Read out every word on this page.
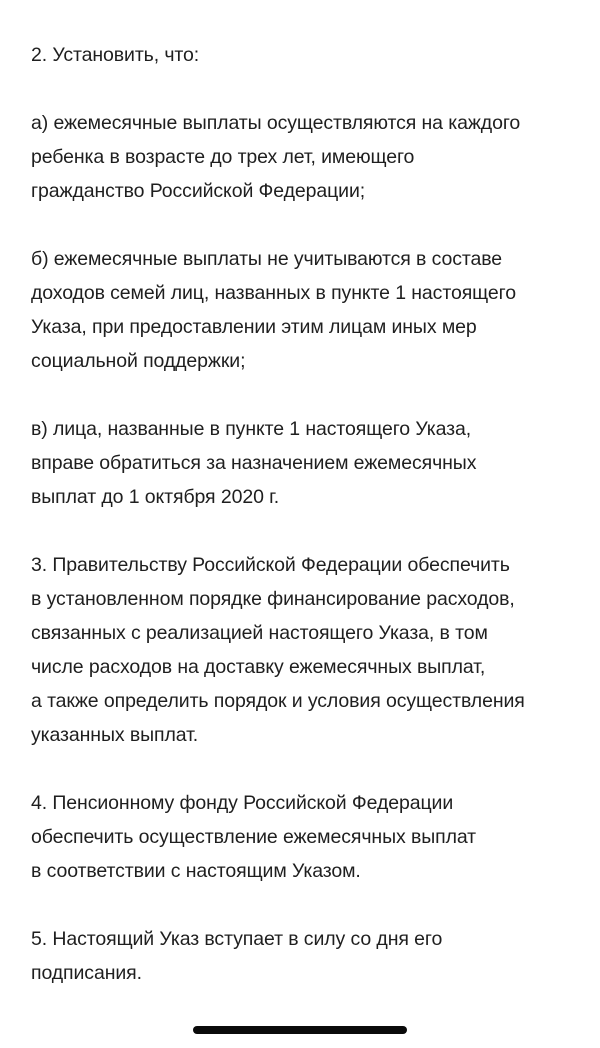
2. Установить, что:

а) ежемесячные выплаты осуществляются на каждого
ребенка в возрасте до трех лет, имеющего
гражданство Российской Федерации;

б) ежемесячные выплаты не учитываются в составе
доходов семей лиц, названных в пункте 1 настоящего
Указа, при предоставлении этим лицам иных мер
социальной поддержки;

в) лица, названные в пункте 1 настоящего Указа,
вправе обратиться за назначением ежемесячных
выплат до 1 октября 2020 г.

3. Правительству Российской Федерации обеспечить
в установленном порядке финансирование расходов,
связанных с реализацией настоящего Указа, в том
числе расходов на доставку ежемесячных выплат,
а также определить порядок и условия осуществления
указанных выплат.

4. Пенсионному фонду Российской Федерации
обеспечить осуществление ежемесячных выплат
в соответствии с настоящим Указом.

5. Настоящий Указ вступает в силу со дня его
подписания.
